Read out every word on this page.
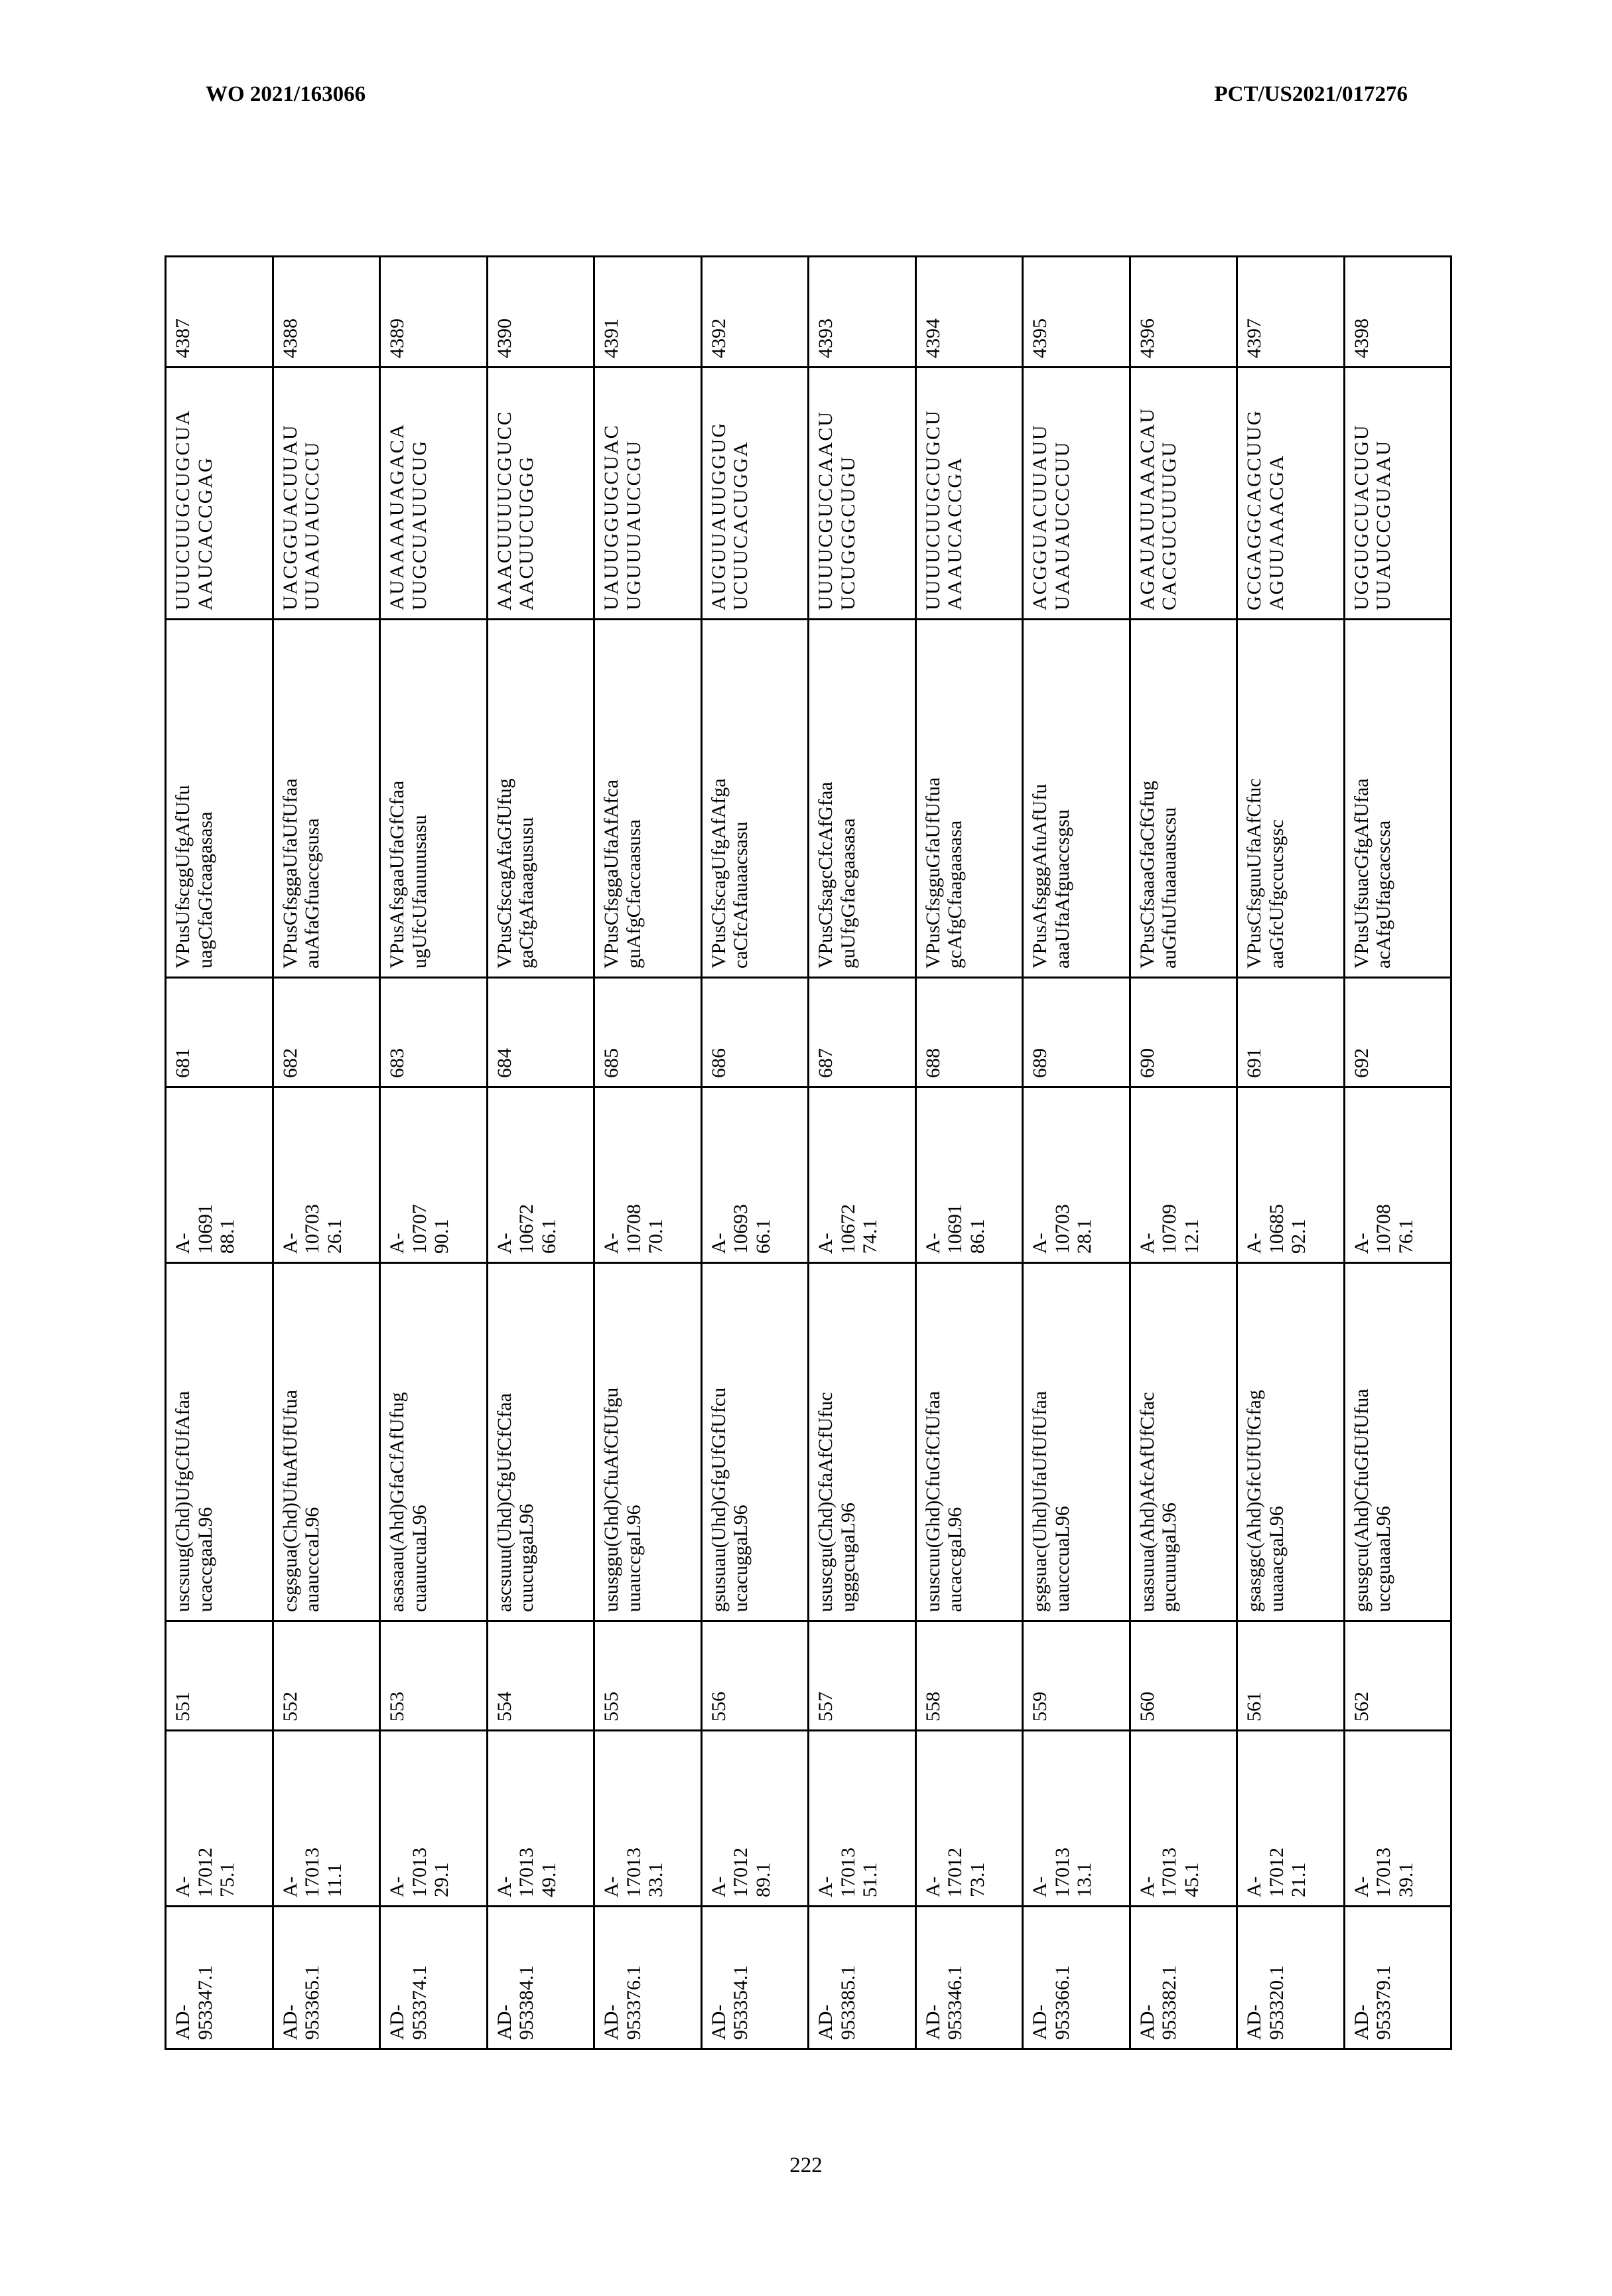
WO 2021/163066	PCT/US2021/017276
AD-
953347.1	A-
17012
75.1	551	uscsuug(Chd)UfgCfUfAfaa
ucaccgaaL96	A-
10691
88.1	681	VPusUfscggUfgAfUfu
uagCfaGfcaagasasa	UUUCUUGCUGCUA
AAUCACCGAG	4387
AD-
953365.1	A-
17013
11.1	552	csgsgua(Chd)UfuAfUfUfua
auaucccaL96	A-
10703
26.1	682	VPusGfsggaUfaUfUfaa
auAfaGfuaccgsusa	UACGGUACUUAU
UUAAUAUCCCU	4388
AD-
953374.1	A-
17013
29.1	553	asasaau(Ahd)GfaCfAfUfug
cuauucuaL96	A-
10707
90.1	683	VPusAfsgaaUfaGfCfaa
ugUfcUfauuuusasu	AUAAAAUAGACA
UUGCUAUUCUG	4389
AD-
953384.1	A-
17013
49.1	554	ascsuuu(Uhd)CfgUfCfCfaa
cuucuggaL96	A-
10672
66.1	684	VPusCfscagAfaGfUfug
gaCfgAfaaagususu	AAACUUUUCGUCC
AACUUCUGGG	4390
AD-
953376.1	A-
17013
33.1	555	ususggu(Ghd)CfuAfCfUfgu
uuauccgaL96	A-
10708
70.1	685	VPusCfsggaUfaAfAfca
guAfgCfaccaasusa	UAUUGGUGCUAC
UGUUUAUCCGU	4391
AD-
953354.1	A-
17012
89.1	556	gsusuau(Uhd)GfgUfGfUfcu
ucacuggaL96	A-
10693
66.1	686	VPusCfscagUfgAfAfga
caCfcAfauaacsasu	AUGUUAUUGGUG
UCUUCACUGGA	4392
AD-
953385.1	A-
17013
51.1	557	ususcgu(Chd)CfaAfCfUfuc
ugggcugaL96	A-
10672
74.1	687	VPusCfsagcCfcAfGfaa
guUfgGfacgaasasa	UUUUCGUCCAACU
UCUGGGCUGU	4393
AD-
953346.1	A-
17012
73.1	558	ususcuu(Ghd)CfuGfCfUfaa
aucaccgaL96	A-
10691
86.1	688	VPusCfsgguGfaUfUfua
gcAfgCfaagaasasa	UUUUCUUGCUGCU
AAAUCACCGA	4394
AD-
953366.1	A-
17013
13.1	559	gsgsuac(Uhd)UfaUfUfUfaa
uaucccuaL96	A-
10703
28.1	689	VPusAfsgggAfuAfUfu
aaaUfaAfguaccsgsu	ACGGUACUUAUU
UAAUAUCCCUU	4395
AD-
953382.1	A-
17013
45.1	560	usasuua(Ahd)AfcAfUfCfac
gucuuugaL96	A-
10709
12.1	690	VPusCfsaaaGfaCfGfug
auGfuUfuaauauscsu	AGAUAUUAAACAU
CACGUCUUUGU	4396
AD-
953320.1	A-
17012
21.1	561	gsasggc(Ahd)GfcUfUfGfag
uuaaacgaL96	A-
10685
92.1	691	VPusCfsguuUfaAfCfuc
aaGfcUfgccucsgsc	GCGAGGCAGCUUG
AGUUAAACGA	4397
AD-
953379.1	A-
17013
39.1	562	gsusgcu(Ahd)CfuGfUfUfua
uccguaaaL96	A-
10708
76.1	692	VPusUfsuacGfgAfUfaa
acAfgUfagcacscsa	UGGUGCUACUGU
UUAUCCGUAAU	4398
222
